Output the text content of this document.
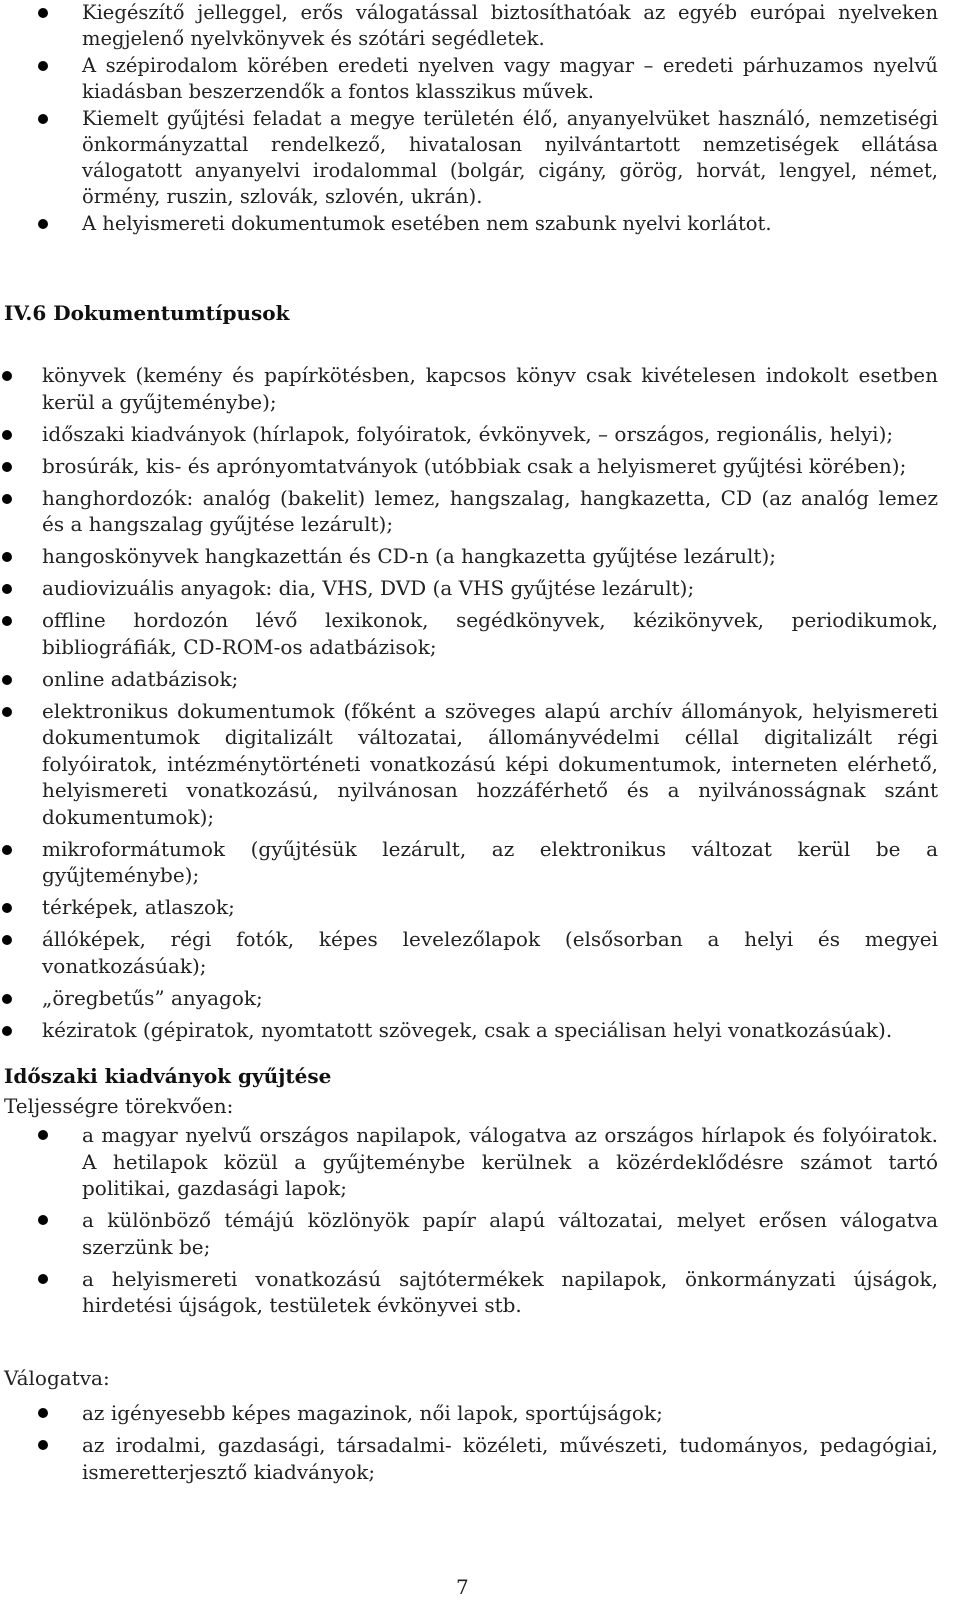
Kiegészítő jelleggel, erős válogatással biztosíthatóak az egyéb európai nyelveken megjelenő nyelvkönyvek és szótári segédletek.
A szépirodalom körében eredeti nyelven vagy magyar – eredeti párhuzamos nyelvű kiadásban beszerzendők a fontos klasszikus művek.
Kiemelt gyűjtési feladat a megye területén élő, anyanyelvüket használó, nemzetiségi önkormányzattal rendelkező, hivatalosan nyilvántartott nemzetiségek ellátása válogatott anyanyelvi irodalommal (bolgár, cigány, görög, horvát, lengyel, német, örmény, ruszin, szlovák, szlovén, ukrán).
A helyismereti dokumentumok esetében nem szabunk nyelvi korlátot.
IV.6 Dokumentumtípusok
könyvek (kemény és papírkötésben, kapcsos könyv csak kivételesen indokolt esetben kerül a gyűjteménybe);
időszaki kiadványok (hírlapok, folyóiratok, évkönyvek, – országos, regionális, helyi);
brosúrák, kis- és aprónyomtatványok (utóbbiak csak a helyismeret gyűjtési körében);
hanghordozók: analóg (bakelit) lemez, hangszalag, hangkazetta, CD (az analóg lemez és a hangszalag gyűjtése lezárult);
hangoskönyvek hangkazettán és CD-n (a hangkazetta gyűjtése lezárult);
audiovizuális anyagok: dia, VHS, DVD (a VHS gyűjtése lezárult);
offline hordozón lévő lexikonok, segédkönyvek, kézikönyvek, periodikumok, bibliográfiák, CD-ROM-os adatbázisok;
online adatbázisok;
elektronikus dokumentumok (főként a szöveges alapú archív állományok, helyismereti dokumentumok digitalizált változatai, állományvédelmi céllal digitalizált régi folyóiratok, intézménytörténeti vonatkozású képi dokumentumok, interneten elérhető, helyismereti vonatkozású, nyilvánosan hozzáférhető és a nyilvánosságnak szánt dokumentumok);
mikroformátumok (gyűjtésük lezárult, az elektronikus változat kerül be a gyűjteménybe);
térképek, atlaszok;
állóképek, régi fotók, képes levelezőlapok (elsősorban a helyi és megyei vonatkozásúak);
„öregbetűs” anyagok;
kéziratok (gépiratok, nyomtatott szövegek, csak a speciálisan helyi vonatkozásúak).
Időszaki kiadványok gyűjtése
Teljességre törekvően:
a magyar nyelvű országos napilapok, válogatva az országos hírlapok és folyóiratok. A hetilapok közül a gyűjteménybe kerülnek a közérdeklődésre számot tartó politikai, gazdasági lapok;
a különböző témájú közlönyök papír alapú változatai, melyet erősen válogatva szerzünk be;
a helyismereti vonatkozású sajtótermékek napilapok, önkormányzati újságok, hirdetési újságok, testületek évkönyvei stb.
Válogatva:
az igényesebb képes magazinok, női lapok, sportújságok;
az irodalmi, gazdasági, társadalmi- közéleti, művészeti, tudományos, pedagógiai, ismeretterjesztő kiadványok;
7
